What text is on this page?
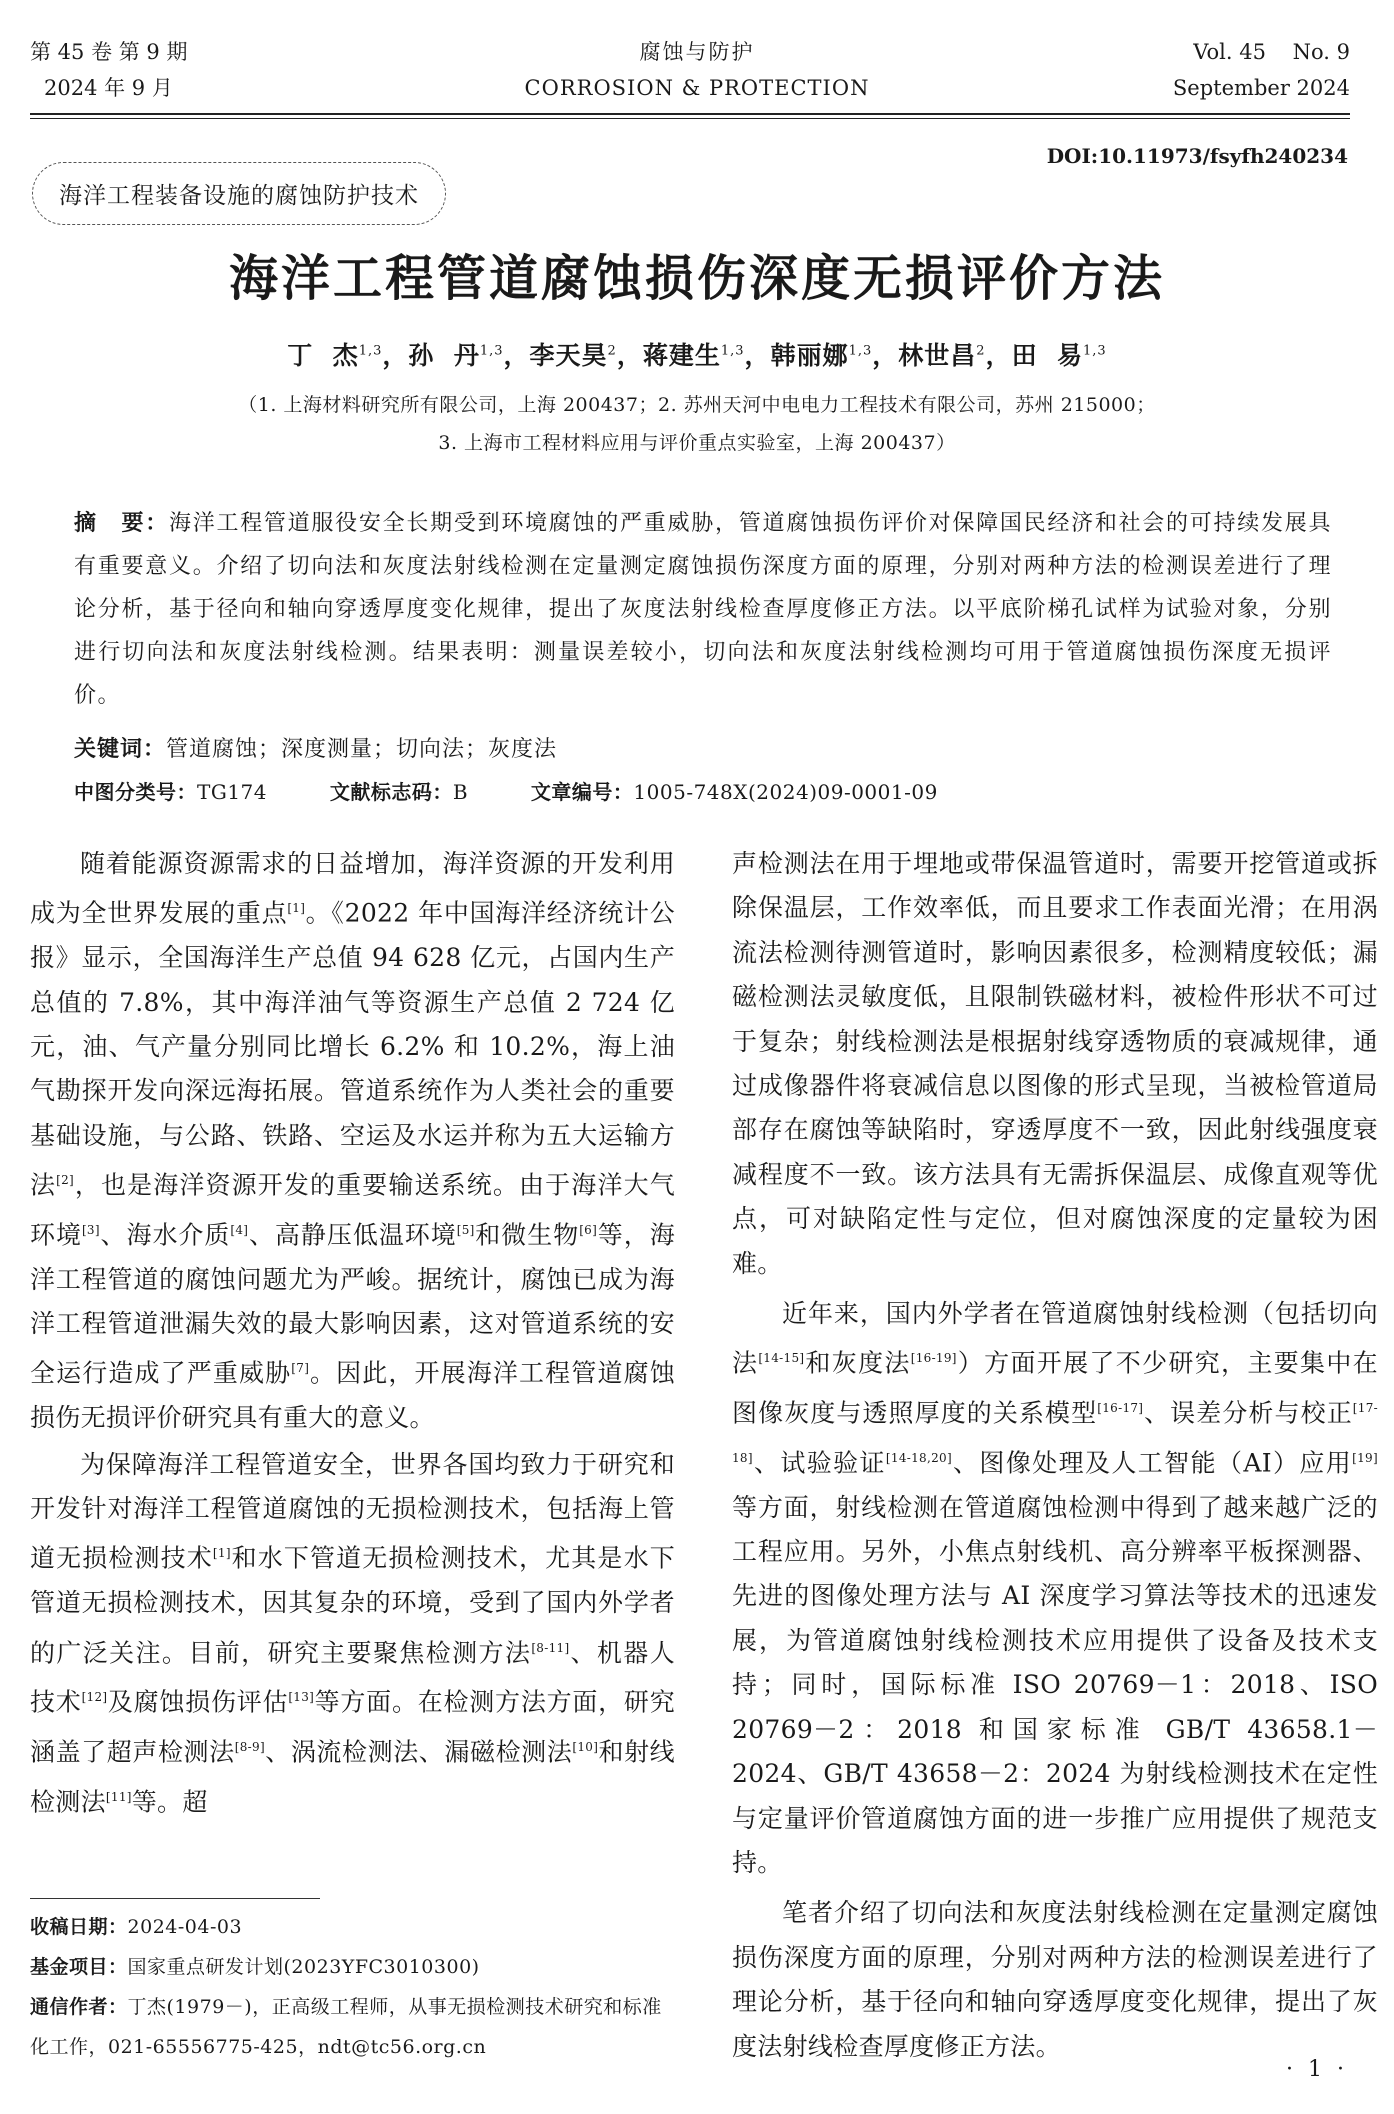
第 45 卷 第 9 期
2024 年 9 月
腐蚀与防护
CORROSION & PROTECTION
Vol. 45    No. 9
September 2024
DOI:10.11973/fsyfh240234
海洋工程装备设施的腐蚀防护技术
海洋工程管道腐蚀损伤深度无损评价方法
丁  杰$^{1,3}$，孙  丹$^{1,3}$，李天昊$^2$，蒋建生$^{1,3}$，韩丽娜$^{1,3}$，林世昌$^2$，田  易$^{1,3}$
（1. 上海材料研究所有限公司，上海 200437；2. 苏州天河中电电力工程技术有限公司，苏州 215000；
3. 上海市工程材料应用与评价重点实验室，上海 200437）
摘　要：海洋工程管道服役安全长期受到环境腐蚀的严重威胁，管道腐蚀损伤评价对保障国民经济和社会的可持续发展具有重要意义。介绍了切向法和灰度法射线检测在定量测定腐蚀损伤深度方面的原理，分别对两种方法的检测误差进行了理论分析，基于径向和轴向穿透厚度变化规律，提出了灰度法射线检查厚度修正方法。以平底阶梯孔试样为试验对象，分别进行切向法和灰度法射线检测。结果表明：测量误差较小，切向法和灰度法射线检测均可用于管道腐蚀损伤深度无损评价。
关键词：管道腐蚀；深度测量；切向法；灰度法
中图分类号：TG174	文献标志码：B	文章编号：1005-748X(2024)09-0001-09

随着能源资源需求的日益增加，海洋资源的开发利用成为全世界发展的重点[1]。《2022 年中国海洋经济统计公报》显示，全国海洋生产总值 94 628 亿元，占国内生产总值的 7.8%，其中海洋油气等资源生产总值 2 724 亿元，油、气产量分别同比增长 6.2% 和 10.2%，海上油气勘探开发向深远海拓展。管道系统作为人类社会的重要基础设施，与公路、铁路、空运及水运并称为五大运输方法[2]，也是海洋资源开发的重要输送系统。由于海洋大气环境[3]、海水介质[4]、高静压低温环境[5]和微生物[6]等，海洋工程管道的腐蚀问题尤为严峻。据统计，腐蚀已成为海洋工程管道泄漏失效的最大影响因素，这对管道系统的安全运行造成了严重威胁[7]。因此，开展海洋工程管道腐蚀损伤无损评价研究具有重大的意义。

为保障海洋工程管道安全，世界各国均致力于研究和开发针对海洋工程管道腐蚀的无损检测技术，包括海上管道无损检测技术[1]和水下管道无损检测技术，尤其是水下管道无损检测技术，因其复杂的环境，受到了国内外学者的广泛关注。目前，研究主要聚焦检测方法[8-11]、机器人技术[12]及腐蚀损伤评估[13]等方面。在检测方法方面，研究涵盖了超声检测法[8-9]、涡流检测法、漏磁检测法[10]和射线检测法[11]等。超

声检测法在用于埋地或带保温管道时，需要开挖管道或拆除保温层，工作效率低，而且要求工作表面光滑；在用涡流法检测待测管道时，影响因素很多，检测精度较低；漏磁检测法灵敏度低，且限制铁磁材料，被检件形状不可过于复杂；射线检测法是根据射线穿透物质的衰减规律，通过成像器件将衰减信息以图像的形式呈现，当被检管道局部存在腐蚀等缺陷时，穿透厚度不一致，因此射线强度衰减程度不一致。该方法具有无需拆保温层、成像直观等优点，可对缺陷定性与定位，但对腐蚀深度的定量较为困难。

近年来，国内外学者在管道腐蚀射线检测（包括切向法[14-15]和灰度法[16-19]）方面开展了不少研究，主要集中在图像灰度与透照厚度的关系模型[16-17]、误差分析与校正[17-18]、试验验证[14-18,20]、图像处理及人工智能（AI）应用[19]等方面，射线检测在管道腐蚀检测中得到了越来越广泛的工程应用。另外，小焦点射线机、高分辨率平板探测器、先进的图像处理方法与 AI 深度学习算法等技术的迅速发展，为管道腐蚀射线检测技术应用提供了设备及技术支持；同时，国际标准 ISO 20769－1：2018、ISO 20769－2：2018 和国家标准 GB/T 43658.1－2024、GB/T 43658－2：2024 为射线检测技术在定性与定量评价管道腐蚀方面的进一步推广应用提供了规范支持。

笔者介绍了切向法和灰度法射线检测在定量测定腐蚀损伤深度方面的原理，分别对两种方法的检测误差进行了理论分析，基于径向和轴向穿透厚度变化规律，提出了灰度法射线检查厚度修正方法。

收稿日期：2024-04-03
基金项目：国家重点研发计划(2023YFC3010300)
通信作者：丁杰(1979－)，正高级工程师，从事无损检测技术研究和标准化工作，021-65556775-425，ndt@tc56.org.cn
· 1 ·
